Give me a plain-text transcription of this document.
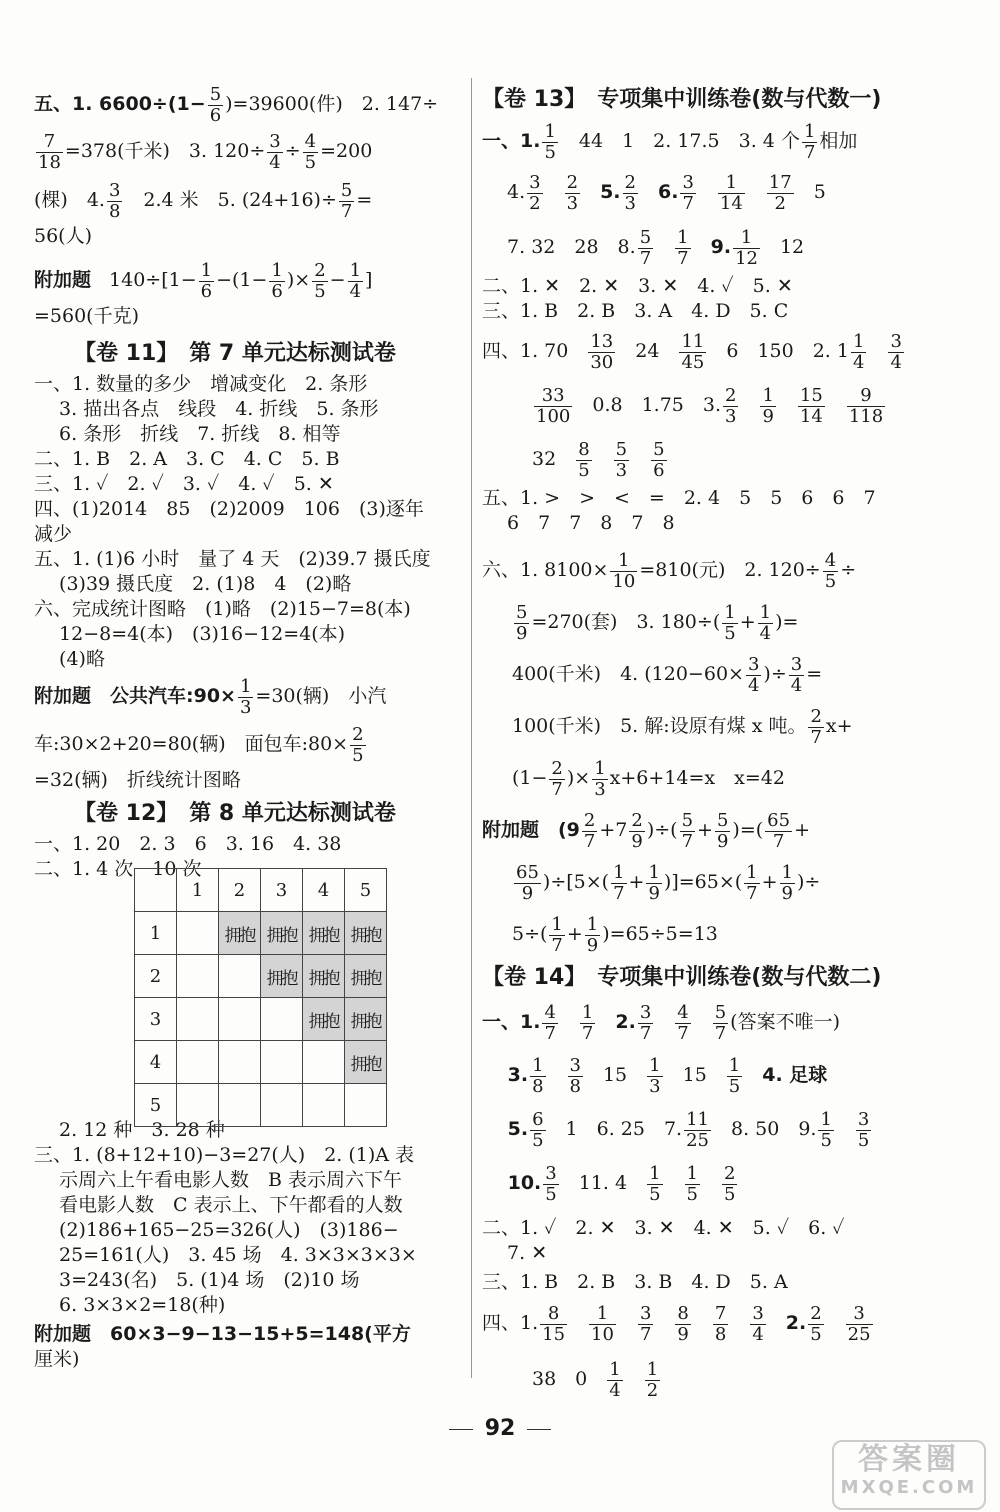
五、1. $6600\div(1- \frac{5}{6} )=39600$(件)　2. 147÷
$\frac{7}{18} =378$(千米)　3. $120\div \frac{3}{4} \div \frac{4}{5} =200$
(棵)　4. $\frac{3}{8}$ 　2.4 米　5. $(24+16)\div \frac{5}{7}$ =
56(人)
附加题 $140\div[1- \frac{1}{6} -(1- \frac{1}{6}$ )× $\frac{2}{5} - \frac{1}{4}$ ]
=560(千克)
【卷 11】　第 7 单元达标测试卷
一、1. 数量的多少　增减变化　2. 条形
　 3. 描出各点　线段　4. 折线　5. 条形
　 6. 条形　折线　7. 折线　8. 相等
二、1. B　2. A　3. C　4. C　5. B
三、1. ✓　2. ✓　3. ✓　4. ✓　5. ✕
四、(1)2014　85　(2)2009　106　(3)逐年
减少
五、1. (1)6 小时　量了 4 天　(2)39.7 摄氏度
　 (3)39 摄氏度　2. (1)8　4　(2)略
六、完成统计图略　(1)略　(2)15−7=8(本)
　 12−8=4(本)　(3)16−12=4(本)
　 (4)略
附加题　公共汽车:90× $\frac{1}{3} =30$(辆)　小汽
车:30×2+20=80(辆)　面包车:80× $\frac{2}{5}$
=32(辆)　折线统计图略
【卷 12】　第 8 单元达标测试卷
一、1. 20　2. 3　6　3. 16　4. 38
二、1. 4 次　10 次
　 2. 12 种　3. 28 种
三、1. (8+12+10)−3=27(人)　2. (1)A 表
　 示周六上午看电影人数　B 表示周六下午
　 看电影人数　C 表示上、下午都看的人数
　 (2)186+165−25=326(人)　(3)186−
　 25=161(人)　3. 45 场　4. 3×3×3×3×
　 3=243(名)　5. (1)4 场　(2)10 场
　 6. 3×3×2=18(种)
附加题　60×3−9−13−15+5=148(平方
厘米)
	1	2	3	4	5
1		拥抱	拥抱	拥抱	拥抱
2			拥抱	拥抱	拥抱
3				拥抱	拥抱
4					拥抱
5					
【卷 13】　专项集中训练卷(数与代数一)
一、1. $\frac{1}{5}$ 　44　1　2. 17.5　3. 4 个 $\frac{1}{7}$ 相加
　 4. $\frac{3}{2} \frac{2}{3} 5$. $\frac{2}{3} 6$. $\frac{3}{7} \frac{1}{14} \frac{17}{2} 5$
　 7. 32　28　8. $\frac{5}{7} \frac{1}{7} 9$. $\frac{1}{12} 12$
二、1. ✕　2. ✕　3. ✕　4. ✓　5. ✕
三、1. B　2. B　3. A　4. D　5. C
四、1. $70 \frac{13}{30} 24 \frac{11}{45} 6$　150　2. $1 \frac{1}{4} \frac{3}{4}$
$\frac{33}{100} 0.8$　1.75　3. $\frac{2}{3} \frac{1}{9} \frac{15}{14} \frac{9}{118}$
$32 \frac{8}{5} \frac{5}{3} \frac{5}{6}$
五、1. >　>　<　=　2. 4　5　5　6　6　7
　 6　7　7　8　7　8
六、1. $8100\times \frac{1}{10} =810$(元)　2. $120\div \frac{4}{5}$ ÷
$\frac{5}{9} =270$(套)　3. $180\div( \frac{1}{5} + \frac{1}{4}$ )=
400(千米)　4. ($120-60\times \frac{3}{4}$ )÷ $\frac{3}{4}$ =
100(千米)　5. 解:设原有煤 x 吨。 $\frac{2}{7} x+$
($1- \frac{2}{7}$ )× $\frac{1}{3} x+6+14=x$　x=42
附加题　($9 \frac{2}{7} +7 \frac{2}{9}$ )÷( $\frac{5}{7} + \frac{5}{9}$ )=( $\frac{65}{7}$ +
$\frac{65}{9} )\div[5\times( \frac{1}{7} + \frac{1}{9} )]=65\times( \frac{1}{7} + \frac{1}{9}$ )÷
$5\div( \frac{1}{7} + \frac{1}{9} )=65\div 5=13$
【卷 14】　专项集中训练卷(数与代数二)
一、1. $\frac{4}{7} \frac{1}{7} 2$. $\frac{3}{7} \frac{4}{7} \frac{5}{7}$ (答案不唯一)
　 3. $\frac{1}{8} \frac{3}{8} 15 \frac{1}{3} 15 \frac{1}{5} 4$. 足球
　 5. $\frac{6}{5} 1$　6. 25　7. $\frac{11}{25} 8$. 50　9. $\frac{1}{5} \frac{3}{5}$
　 10. $\frac{3}{5} 11$. $4 \frac{1}{5} \frac{1}{5} \frac{2}{5}$
二、1. ✓　2. ✕　3. ✕　4. ✕　5. ✓　6. ✓
　 7. ✕
三、1. B　2. B　3. B　4. D　5. A
四、1. $\frac{8}{15} \frac{1}{10} \frac{3}{7} \frac{8}{9} \frac{7}{8} \frac{3}{4} 2$. $\frac{2}{5} \frac{3}{25}$
38　$0 \frac{1}{4} \frac{1}{2}$
92
答案圈
MXQE.COM
